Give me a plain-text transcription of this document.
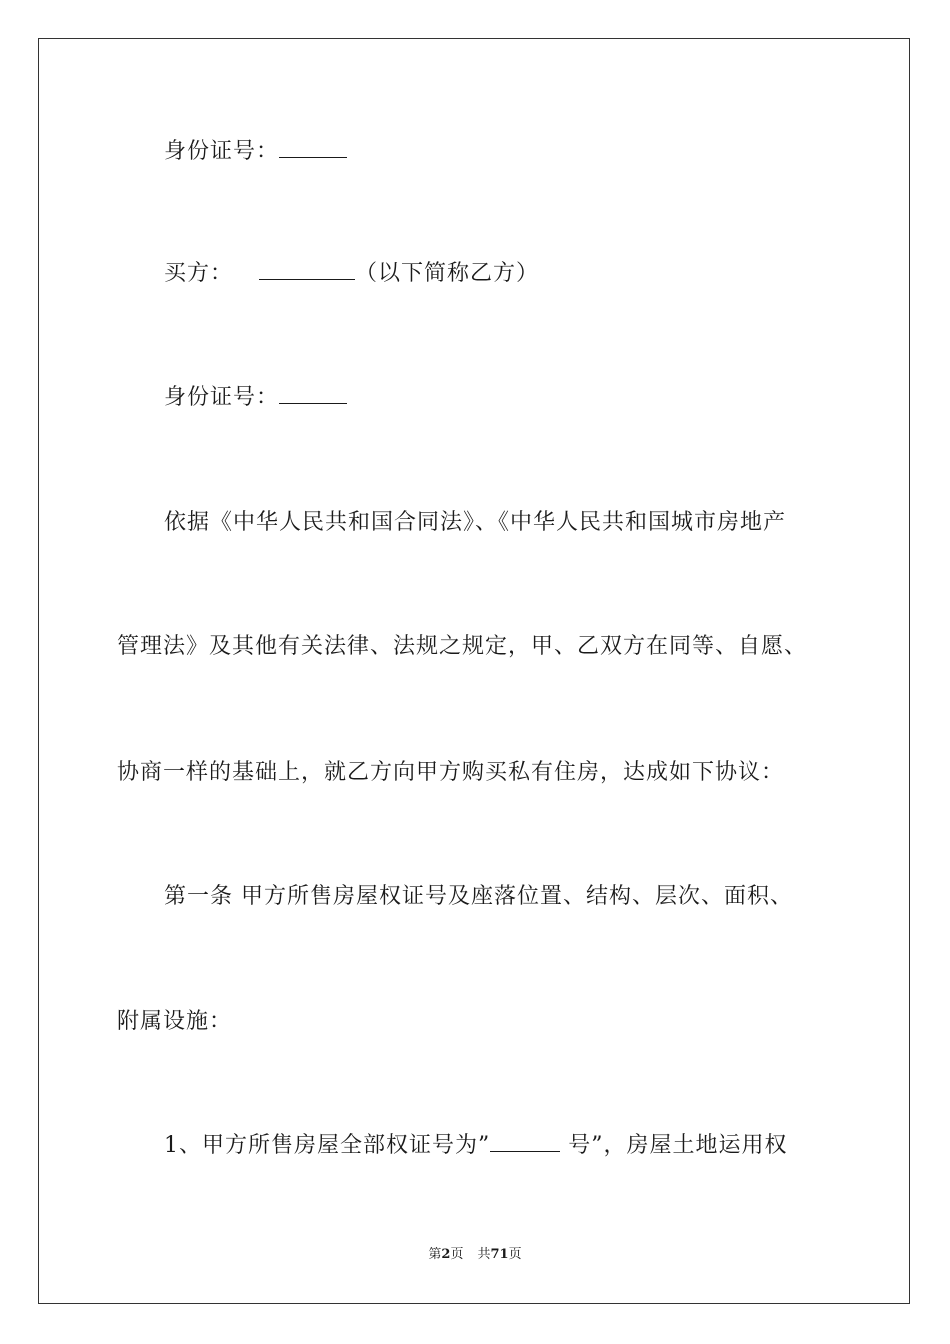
身份证号：
买方：	（以下简称乙方）
身份证号：
依据《中华人民共和国合同法》、《中华人民共和国城市房地产
管理法》及其他有关法律、法规之规定，甲、乙双方在同等、自愿、
协商一样的基础上，就乙方向甲方购买私有住房，达成如下协议：
第一条 甲方所售房屋权证号及座落位置、结构、层次、面积、
附属设施：
1、甲方所售房屋全部权证号为”	号”，房屋土地运用权
第2页 共71页
